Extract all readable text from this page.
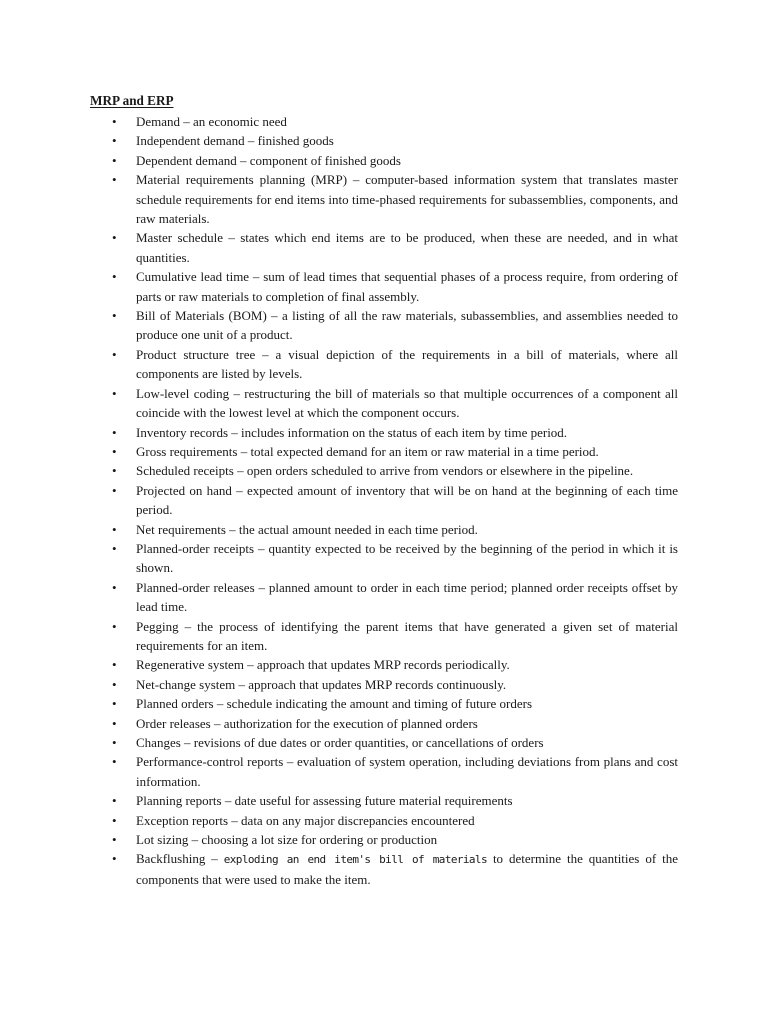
MRP and ERP
• Demand – an economic need
• Independent demand – finished goods
• Dependent demand – component of finished goods
• Material requirements planning (MRP) – computer-based information system that translates master schedule requirements for end items into time-phased requirements for subassemblies, components, and raw materials.
• Master schedule – states which end items are to be produced, when these are needed, and in what quantities.
• Cumulative lead time – sum of lead times that sequential phases of a process require, from ordering of parts or raw materials to completion of final assembly.
• Bill of Materials (BOM) – a listing of all the raw materials, subassemblies, and assemblies needed to produce one unit of a product.
• Product structure tree – a visual depiction of the requirements in a bill of materials, where all components are listed by levels.
• Low-level coding – restructuring the bill of materials so that multiple occurrences of a component all coincide with the lowest level at which the component occurs.
• Inventory records – includes information on the status of each item by time period.
• Gross requirements – total expected demand for an item or raw material in a time period.
• Scheduled receipts – open orders scheduled to arrive from vendors or elsewhere in the pipeline.
• Projected on hand – expected amount of inventory that will be on hand at the beginning of each time period.
• Net requirements – the actual amount needed in each time period.
• Planned-order receipts – quantity expected to be received by the beginning of the period in which it is shown.
• Planned-order releases – planned amount to order in each time period; planned order receipts offset by lead time.
• Pegging – the process of identifying the parent items that have generated a given set of material requirements for an item.
• Regenerative system – approach that updates MRP records periodically.
• Net-change system – approach that updates MRP records continuously.
• Planned orders – schedule indicating the amount and timing of future orders
• Order releases – authorization for the execution of planned orders
• Changes – revisions of due dates or order quantities, or cancellations of orders
• Performance-control reports – evaluation of system operation, including deviations from plans and cost information.
• Planning reports – date useful for assessing future material requirements
• Exception reports – data on any major discrepancies encountered
• Lot sizing – choosing a lot size for ordering or production
• Backflushing – exploding an end item's bill of materials to determine the quantities of the components that were used to make the item.
